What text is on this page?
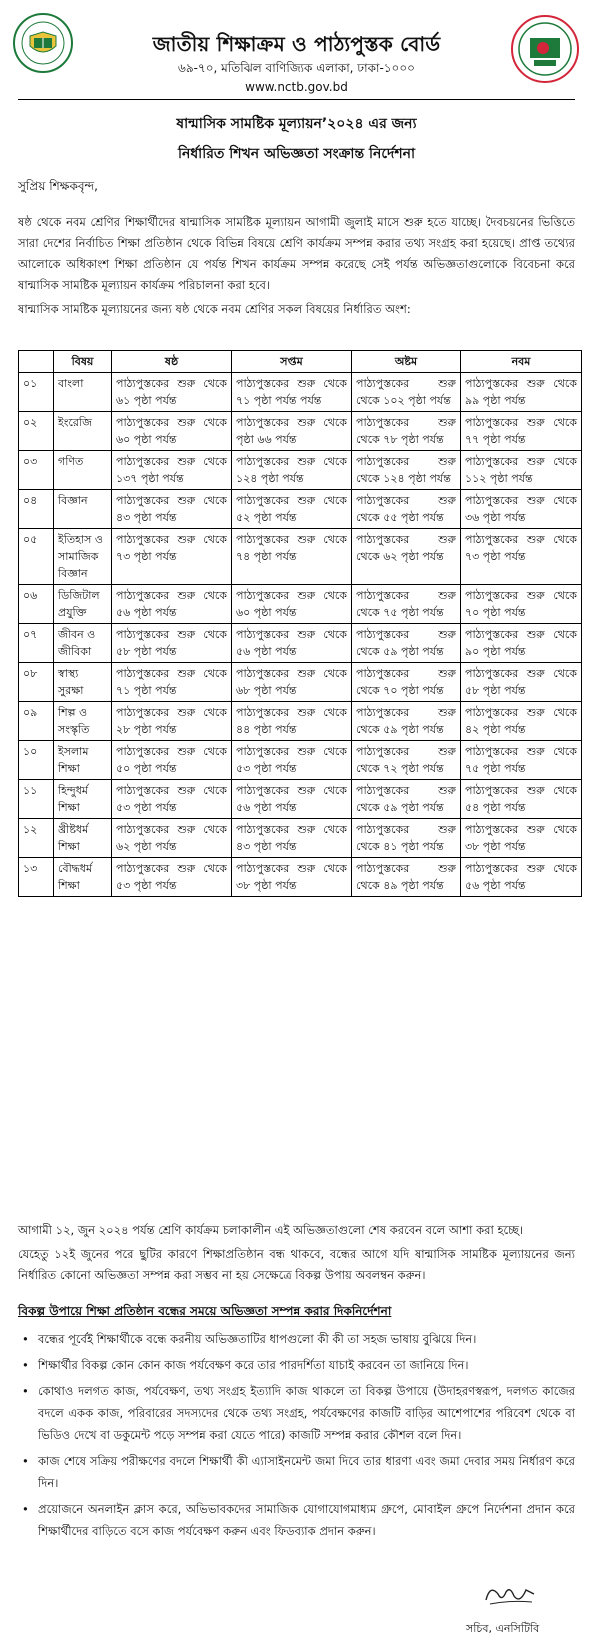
জাতীয় শিক্ষাক্রম ও পাঠ্যপুস্তক বোর্ড
৬৯-৭০, মতিঝিল বাণিজ্যিক এলাকা, ঢাকা-১০০০
www.nctb.gov.bd
ষান্মাসিক সামষ্টিক মূল্যায়ন’২০২৪ এর জন্য
নির্ধারিত শিখন অভিজ্ঞতা সংক্রান্ত নির্দেশনা
সুপ্রিয় শিক্ষকবৃন্দ,
ষষ্ঠ থেকে নবম শ্রেণির শিক্ষার্থীদের ষান্মাসিক সামষ্টিক মূল্যায়ন আগামী জুলাই মাসে শুরু হতে যাচ্ছে। দৈবচয়নের ভিত্তিতে সারা দেশের নির্বাচিত শিক্ষা প্রতিষ্ঠান থেকে বিভিন্ন বিষয়ে শ্রেণি কার্যক্রম সম্পন্ন করার তথ্য সংগ্রহ করা হয়েছে। প্রাপ্ত তথ্যের আলোকে অধিকাংশ শিক্ষা প্রতিষ্ঠান যে পর্যন্ত শিখন কার্যক্রম সম্পন্ন করেছে সেই পর্যন্ত অভিজ্ঞতাগুলোকে বিবেচনা করে ষান্মাসিক সামষ্টিক মূল্যায়ন কার্যক্রম পরিচালনা করা হবে।
ষান্মাসিক সামষ্টিক মূল্যায়নের জন্য ষষ্ঠ থেকে নবম শ্রেণির সকল বিষয়ের নির্ধারিত অংশ:
	বিষয়	ষষ্ঠ	সপ্তম	অষ্টম	নবম
০১	বাংলা	পাঠ্যপুস্তকের শুরু থেকে ৬১ পৃষ্ঠা পর্যন্ত	পাঠ্যপুস্তকের শুরু থেকে ৭১ পৃষ্ঠা পর্যন্ত পর্যন্ত	পাঠ্যপুস্তকের শুরু থেকে ১০২ পৃষ্ঠা পর্যন্ত	পাঠ্যপুস্তকের শুরু থেকে ৯৯ পৃষ্ঠা পর্যন্ত
০২	ইংরেজি	পাঠ্যপুস্তকের শুরু থেকে ৬০ পৃষ্ঠা পর্যন্ত	পাঠ্যপুস্তকের শুরু থেকে পৃষ্ঠা ৬৬ পর্যন্ত	পাঠ্যপুস্তকের শুরু থেকে ৭৮ পৃষ্ঠা পর্যন্ত	পাঠ্যপুস্তকের শুরু থেকে ৭৭ পৃষ্ঠা পর্যন্ত
০৩	গণিত	পাঠ্যপুস্তকের শুরু থেকে ১৩৭ পৃষ্ঠা পর্যন্ত	পাঠ্যপুস্তকের শুরু থেকে ১২৪ পৃষ্ঠা পর্যন্ত	পাঠ্যপুস্তকের শুরু থেকে ১২৪ পৃষ্ঠা পর্যন্ত	পাঠ্যপুস্তকের শুরু থেকে ১১২ পৃষ্ঠা পর্যন্ত
০৪	বিজ্ঞান	পাঠ্যপুস্তকের শুরু থেকে ৪৩ পৃষ্ঠা পর্যন্ত	পাঠ্যপুস্তকের শুরু থেকে ৫২ পৃষ্ঠা পর্যন্ত	পাঠ্যপুস্তকের শুরু থেকে ৫৫ পৃষ্ঠা পর্যন্ত	পাঠ্যপুস্তকের শুরু থেকে ৩৬ পৃষ্ঠা পর্যন্ত
০৫	ইতিহাস ও সামাজিক বিজ্ঞান	পাঠ্যপুস্তকের শুরু থেকে ৭৩ পৃষ্ঠা পর্যন্ত	পাঠ্যপুস্তকের শুরু থেকে ৭৪ পৃষ্ঠা পর্যন্ত	পাঠ্যপুস্তকের শুরু থেকে ৬২ পৃষ্ঠা পর্যন্ত	পাঠ্যপুস্তকের শুরু থেকে ৭৩ পৃষ্ঠা পর্যন্ত
০৬	ডিজিটাল প্রযুক্তি	পাঠ্যপুস্তকের শুরু থেকে ৫৬ পৃষ্ঠা পর্যন্ত	পাঠ্যপুস্তকের শুরু থেকে ৬০ পৃষ্ঠা পর্যন্ত	পাঠ্যপুস্তকের শুরু থেকে ৭৫ পৃষ্ঠা পর্যন্ত	পাঠ্যপুস্তকের শুরু থেকে ৭০ পৃষ্ঠা পর্যন্ত
০৭	জীবন ও জীবিকা	পাঠ্যপুস্তকের শুরু থেকে ৫৮ পৃষ্ঠা পর্যন্ত	পাঠ্যপুস্তকের শুরু থেকে ৫৬ পৃষ্ঠা পর্যন্ত	পাঠ্যপুস্তকের শুরু থেকে ৫৯ পৃষ্ঠা পর্যন্ত	পাঠ্যপুস্তকের শুরু থেকে ৯০ পৃষ্ঠা পর্যন্ত
০৮	স্বাস্থ্য সুরক্ষা	পাঠ্যপুস্তকের শুরু থেকে ৭১ পৃষ্ঠা পর্যন্ত	পাঠ্যপুস্তকের শুরু থেকে ৬৮ পৃষ্ঠা পর্যন্ত	পাঠ্যপুস্তকের শুরু থেকে ৭০ পৃষ্ঠা পর্যন্ত	পাঠ্যপুস্তকের শুরু থেকে ৫৮ পৃষ্ঠা পর্যন্ত
০৯	শিল্প ও সংস্কৃতি	পাঠ্যপুস্তকের শুরু থেকে ২৮ পৃষ্ঠা পর্যন্ত	পাঠ্যপুস্তকের শুরু থেকে ৪৪ পৃষ্ঠা পর্যন্ত	পাঠ্যপুস্তকের শুরু থেকে ৫৯ পৃষ্ঠা পর্যন্ত	পাঠ্যপুস্তকের শুরু থেকে ৪২ পৃষ্ঠা পর্যন্ত
১০	ইসলাম শিক্ষা	পাঠ্যপুস্তকের শুরু থেকে ৫০ পৃষ্ঠা পর্যন্ত	পাঠ্যপুস্তকের শুরু থেকে ৫৩ পৃষ্ঠা পর্যন্ত	পাঠ্যপুস্তকের শুরু থেকে ৭২ পৃষ্ঠা পর্যন্ত	পাঠ্যপুস্তকের শুরু থেকে ৭৫ পৃষ্ঠা পর্যন্ত
১১	হিন্দুধর্ম শিক্ষা	পাঠ্যপুস্তকের শুরু থেকে ৫৩ পৃষ্ঠা পর্যন্ত	পাঠ্যপুস্তকের শুরু থেকে ৫৬ পৃষ্ঠা পর্যন্ত	পাঠ্যপুস্তকের শুরু থেকে ৫৯ পৃষ্ঠা পর্যন্ত	পাঠ্যপুস্তকের শুরু থেকে ৫৪ পৃষ্ঠা পর্যন্ত
১২	খ্রীষ্টধর্ম শিক্ষা	পাঠ্যপুস্তকের শুরু থেকে ৬২ পৃষ্ঠা পর্যন্ত	পাঠ্যপুস্তকের শুরু থেকে ৪৩ পৃষ্ঠা পর্যন্ত	পাঠ্যপুস্তকের শুরু থেকে ৪১ পৃষ্ঠা পর্যন্ত	পাঠ্যপুস্তকের শুরু থেকে ৩৮ পৃষ্ঠা পর্যন্ত
১৩	বৌদ্ধধর্ম শিক্ষা	পাঠ্যপুস্তকের শুরু থেকে ৫৩ পৃষ্ঠা পর্যন্ত	পাঠ্যপুস্তকের শুরু থেকে ৩৮ পৃষ্ঠা পর্যন্ত	পাঠ্যপুস্তকের শুরু থেকে ৪৯ পৃষ্ঠা পর্যন্ত	পাঠ্যপুস্তকের শুরু থেকে ৫৬ পৃষ্ঠা পর্যন্ত
আগামী ১২, জুন ২০২৪ পর্যন্ত শ্রেণি কার্যক্রম চলাকালীন এই অভিজ্ঞতাগুলো শেষ করবেন বলে আশা করা হচ্ছে।
যেহেতু ১২ই জুনের পরে ছুটির কারণে শিক্ষাপ্রতিষ্ঠান বন্ধ থাকবে, বন্ধের আগে যদি ষান্মাসিক সামষ্টিক মূল্যায়নের জন্য নির্ধারিত কোনো অভিজ্ঞতা সম্পন্ন করা সম্ভব না হয় সেক্ষেত্রে বিকল্প উপায় অবলম্বন করুন।
বিকল্প উপায়ে শিক্ষা প্রতিষ্ঠান বন্ধের সময়ে অভিজ্ঞতা সম্পন্ন করার দিকনির্দেশনা
• বন্ধের পূর্বেই শিক্ষার্থীকে বন্ধে করনীয় অভিজ্ঞতাটির ধাপগুলো কী কী তা সহজ ভাষায় বুঝিয়ে দিন।
• শিক্ষার্থীর বিকল্প কোন কোন কাজ পর্যবেক্ষণ করে তার পারদর্শিতা যাচাই করবেন তা জানিয়ে দিন।
• কোথাও দলগত কাজ, পর্যবেক্ষণ, তথ্য সংগ্রহ ইত্যাদি কাজ থাকলে তা বিকল্প উপায়ে (উদাহরণস্বরূপ, দলগত কাজের বদলে একক কাজ, পরিবারের সদস্যদের থেকে তথ্য সংগ্রহ, পর্যবেক্ষণের কাজটি বাড়ির আশেপাশের পরিবেশ থেকে বা ভিডিও দেখে বা ডকুমেন্ট পড়ে সম্পন্ন করা যেতে পারে) কাজটি সম্পন্ন করার কৌশল বলে দিন।
• কাজ শেষে সক্রিয় পরীক্ষণের বদলে শিক্ষার্থী কী এ্যাসাইনমেন্ট জমা দিবে তার ধারণা এবং জমা দেবার সময় নির্ধারণ করে দিন।
• প্রয়োজনে অনলাইন ক্লাস করে, অভিভাবকদের সামাজিক যোগাযোগমাধ্যম গ্রুপে, মোবাইল গ্রুপে নির্দেশনা প্রদান করে শিক্ষার্থীদের বাড়িতে বসে কাজ পর্যবেক্ষণ করুন এবং ফিডব্যাক প্রদান করুন।
সচিব, এনসিটিবি
